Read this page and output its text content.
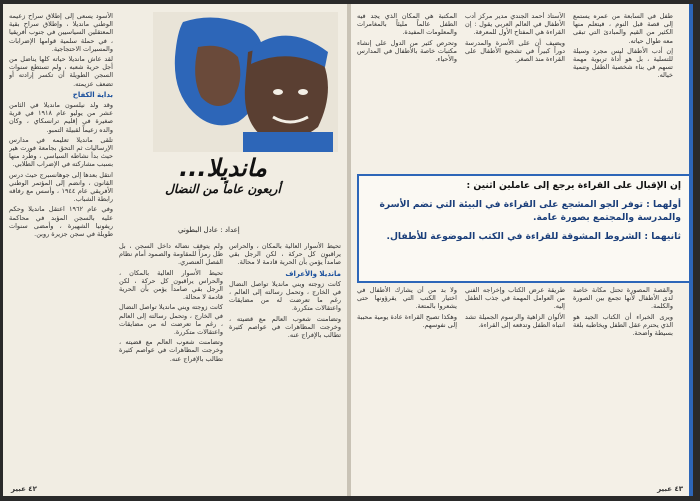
مانديلا...
أربعون عاماً من النضال
إعداد : عادل البطوني

الأسود يسعى إلى إطلاق سراح زعيمه الوطني مانديلا ، وإطلاق سراح بقية المعتقلين السياسيين في جنوب أفريقيا ، في حملة سلمية قوامها الإضرابات والمسيرات الاحتجاجية.

لقد عاش مانديلا حياته كلها يناضل من أجل حرية شعبه ، ولم تستطع سنوات السجن الطويلة أن تكسر إرادته أو تضعف عزيمته.

بداية الكفاح

وقد ولد نيلسون مانديلا في الثامن عشر من يوليو عام ١٩١٨ في قرية صغيرة في إقليم ترانسكاي ، وكان والده زعيماً لقبيلة التمبو.

تلقى مانديلا تعليمه في مدارس الإرساليات ثم التحق بجامعة فورت هير حيث بدأ نشاطه السياسي ، وطُرد منها بسبب مشاركته في الإضراب الطلابي.

انتقل بعدها إلى جوهانسبرج حيث درس القانون ، وانضم إلى المؤتمر الوطني الأفريقي عام ١٩٤٤ ، وأسس مع رفاقه رابطة الشباب.

وفي عام ١٩٦٢ اعتقل مانديلا وحكم عليه بالسجن المؤبد في محاكمة ريفونيا الشهيرة ، وأمضى سنوات طويلة في سجن جزيرة روبن.

ولم يتوقف نضاله داخل السجن ، بل ظل رمزاً للمقاومة والصمود أمام نظام الفصل العنصري.

تحيط الأسوار العالية بالمكان ، والحراس يراقبون كل حركة ، لكن الرجل بقي صامداً يؤمن بأن الحرية قادمة لا محالة.

كانت زوجته ويني مانديلا تواصل النضال في الخارج ، وتحمل رسالته إلى العالم ، رغم ما تعرضت له من مضايقات واعتقالات متكررة.

وتضامنت شعوب العالم مع قضيته ، وخرجت المظاهرات في عواصم كثيرة تطالب بالإفراج عنه.

تحيط الأسوار العالية بالمكان ، والحراس يراقبون كل حركة ، لكن الرجل بقي صامداً يؤمن بأن الحرية قادمة لا محالة.

مانديلا والأعراف

كانت زوجته ويني مانديلا تواصل النضال في الخارج ، وتحمل رسالته إلى العالم ، رغم ما تعرضت له من مضايقات واعتقالات متكررة.

وتضامنت شعوب العالم مع قضيته ، وخرجت المظاهرات في عواصم كثيرة تطالب بالإفراج عنه.

٤٢ عبير

المكتبة هي المكان الذي يجد فيه الطفل عالماً مليئاً بالمغامرات والمعلومات المفيدة.

وتحرص كثير من الدول على إنشاء مكتبات خاصة بالأطفال في المدارس والأحياء.

الأستاذ أحمد الجندي مدير مركز أدب الأطفال في العالم العربي يقول : إن القراءة هي المفتاح الأول للمعرفة.

ويضيف أن على الأسرة والمدرسة دوراً كبيراً في تشجيع الأطفال على القراءة منذ الصغر.

طفل في السابعة من عمره يستمع إلى قصة قبل النوم ، فيتعلم منها الكثير من القيم والمبادئ التي تبقى معه طوال حياته.

إن أدب الأطفال ليس مجرد وسيلة للتسلية ، بل هو أداة تربوية مهمة تسهم في بناء شخصية الطفل وتنمية خياله.

إن الإقبال على القراءة يرجع إلى عاملين اثنين :
أولهما : توفر الجو المشجع على القراءة في البيئة التي تضم الأسرة والمدرسة والمجتمع بصورة عامة.
ثانيهما : الشروط المشوقة للقراءة في الكتب الموضوعة للأطفال.

ولا بد من أن يشارك الأطفال في اختيار الكتب التي يقرؤونها حتى يشعروا بالمتعة.

وهكذا تصبح القراءة عادة يومية محببة إلى نفوسهم.

طريقة عرض الكتاب وإخراجه الفني من العوامل المهمة في جذب الطفل إليه.

الألوان الزاهية والرسوم الجميلة تشد انتباه الطفل وتدفعه إلى القراءة.

والقصة المصورة تحتل مكانة خاصة لدى الأطفال لأنها تجمع بين الصورة والكلمة.

ويرى الخبراء أن الكتاب الجيد هو الذي يحترم عقل الطفل ويخاطبه بلغة بسيطة واضحة.

٤٣ عبير
